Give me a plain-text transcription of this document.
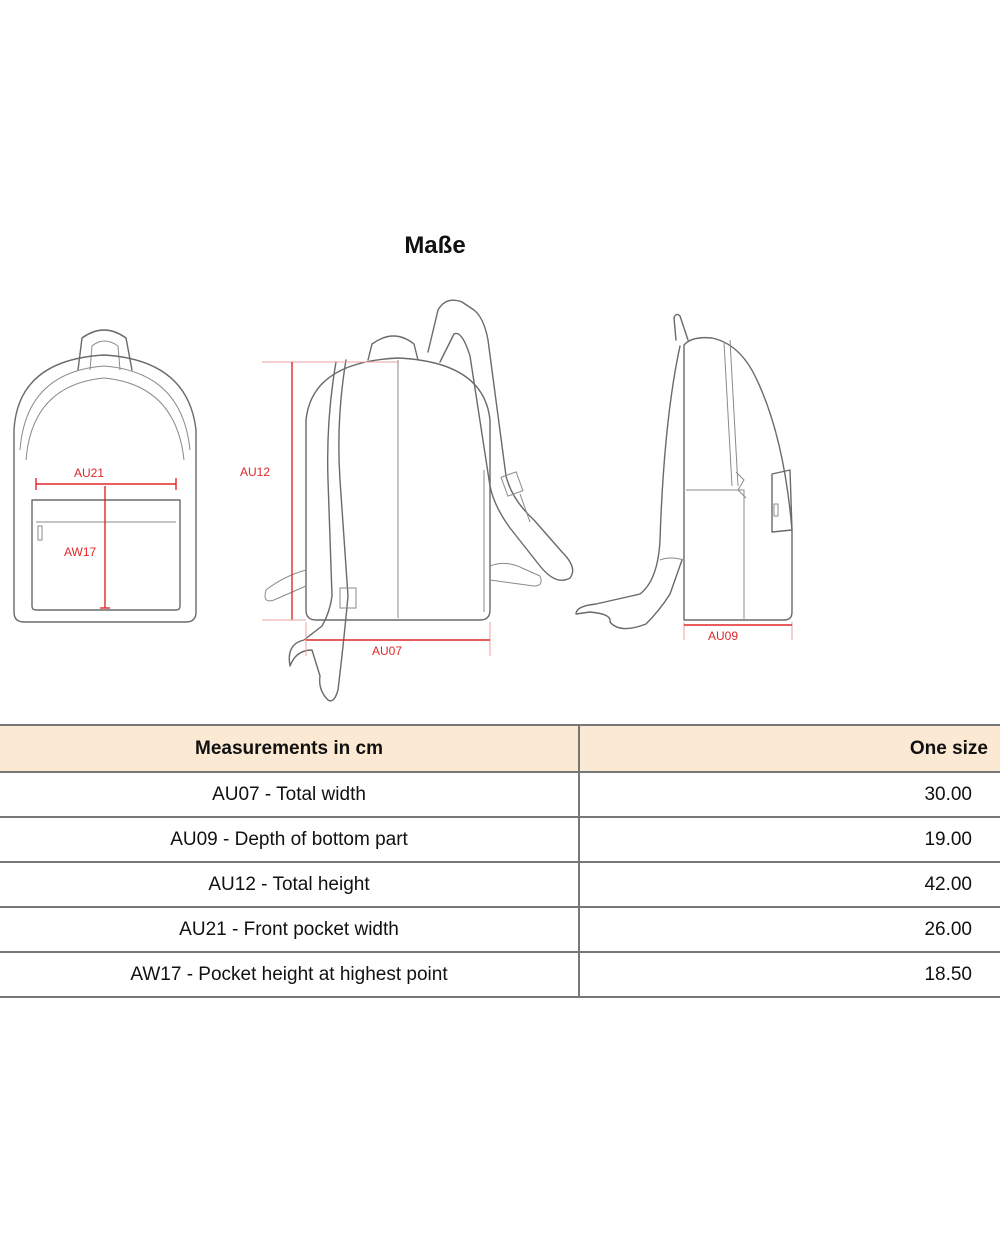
Maße
AU21
AW17
AU12
AU07
AU09
Measurements in cm	One size
AU07 - Total width	30.00
AU09 - Depth of bottom part	19.00
AU12 - Total height	42.00
AU21 - Front pocket width	26.00
AW17 - Pocket height at highest point	18.50
